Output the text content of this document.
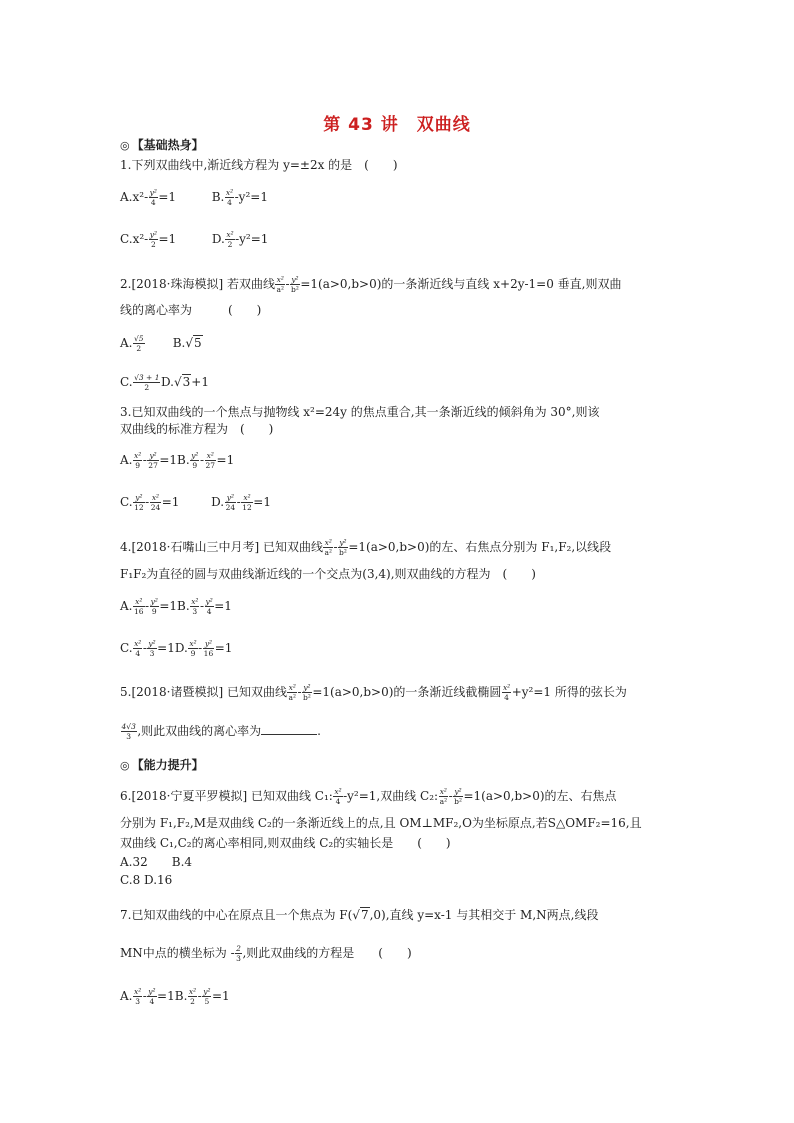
第 43 讲　双曲线
◎ 【基础热身】
1.下列双曲线中,渐近线方程为 y=±2x 的是　(　　)
$A.x^2- \frac{\text{y²}}{4} =1$	B. $\frac{\text{x²}}{4} -y^2=1$
$C.x^2- \frac{\text{y²}}{2} =1$	D. $\frac{\text{x²}}{2} -y^2=1$
2.[2018·珠海模拟] 若双曲线 $\frac{\text{x²}}{\text{a²}} - \frac{\text{y²}}{\text{b²}} =1(a>0,b>0)$的一条渐近线与直线 x+2y-1=0 垂直,则双曲
线的离心率为　　　(　　)
A. $\frac{√5}{2} B.√5$
C. $\frac{√3 + 1}{2} D.√3+1$
3.已知双曲线的一个焦点与抛物线 x²=24y 的焦点重合,其一条渐近线的倾斜角为 30°,则该
双曲线的标准方程为　(　　)
A. $\frac{\text{x²}}{9} - \frac{\text{y²}}{27} =1B$. $\frac{\text{y²}}{9} - \frac{\text{x²}}{27} =1$
C. $\frac{\text{y²}}{12} - \frac{\text{x²}}{24} =1$	D. $\frac{\text{y²}}{24} - \frac{\text{x²}}{12} =1$
4.[2018·石嘴山三中月考] 已知双曲线 $\frac{\text{x²}}{\text{a²}} - \frac{\text{y²}}{\text{b²}} =1(a>0,b>0)$的左、右焦点分别为 F₁,F₂,以线段
F₁F₂为直径的圆与双曲线渐近线的一个交点为(3,4),则双曲线的方程为　(　　)
A. $\frac{\text{x²}}{16} - \frac{\text{y²}}{9} =1B$. $\frac{\text{x²}}{3} - \frac{\text{y²}}{4} =1$
C. $\frac{\text{x²}}{4} - \frac{\text{y²}}{3} =1D$. $\frac{\text{x²}}{9} - \frac{\text{y²}}{16} =1$
5.[2018·诸暨模拟] 已知双曲线 $\frac{\text{x²}}{\text{a²}} - \frac{\text{y²}}{\text{b²}} =1(a>0,b>0)$的一条渐近线截椭圆 $\frac{\text{x²}}{4} +y^2=1$ 所得的弦长为
$\frac{4√3}{3}$ ,则此双曲线的离心率为	.
◎ 【能力提升】
6.[2018·宁夏平罗模拟] 已知双曲线 C₁: $\frac{\text{x²}}{4} -y^2=1$,双曲线 C₂: $\frac{\text{x²}}{\text{a²}} - \frac{\text{y²}}{\text{b²}} =1(a>0,b>0)$的左、右焦点
分别为 F₁,F₂,M是双曲线 C₂的一条渐近线上的点,且 OM⊥MF₂,O为坐标原点,若S△OMF₂=16,且
双曲线 C₁,C₂的离心率相同,则双曲线 C₂的实轴长是　　(　　)
A.32　　B.4
C.8 D.16
7.已知双曲线的中心在原点且一个焦点为 F(√7,0),直线 y=x-1 与其相交于 M,N两点,线段
MN中点的横坐标为 - $\frac{2}{3}$ ,则此双曲线的方程是　　(　　)
A. $\frac{\text{x²}}{3} - \frac{\text{y²}}{4} =1B$. $\frac{\text{x²}}{2} - \frac{\text{y²}}{5} =1$
